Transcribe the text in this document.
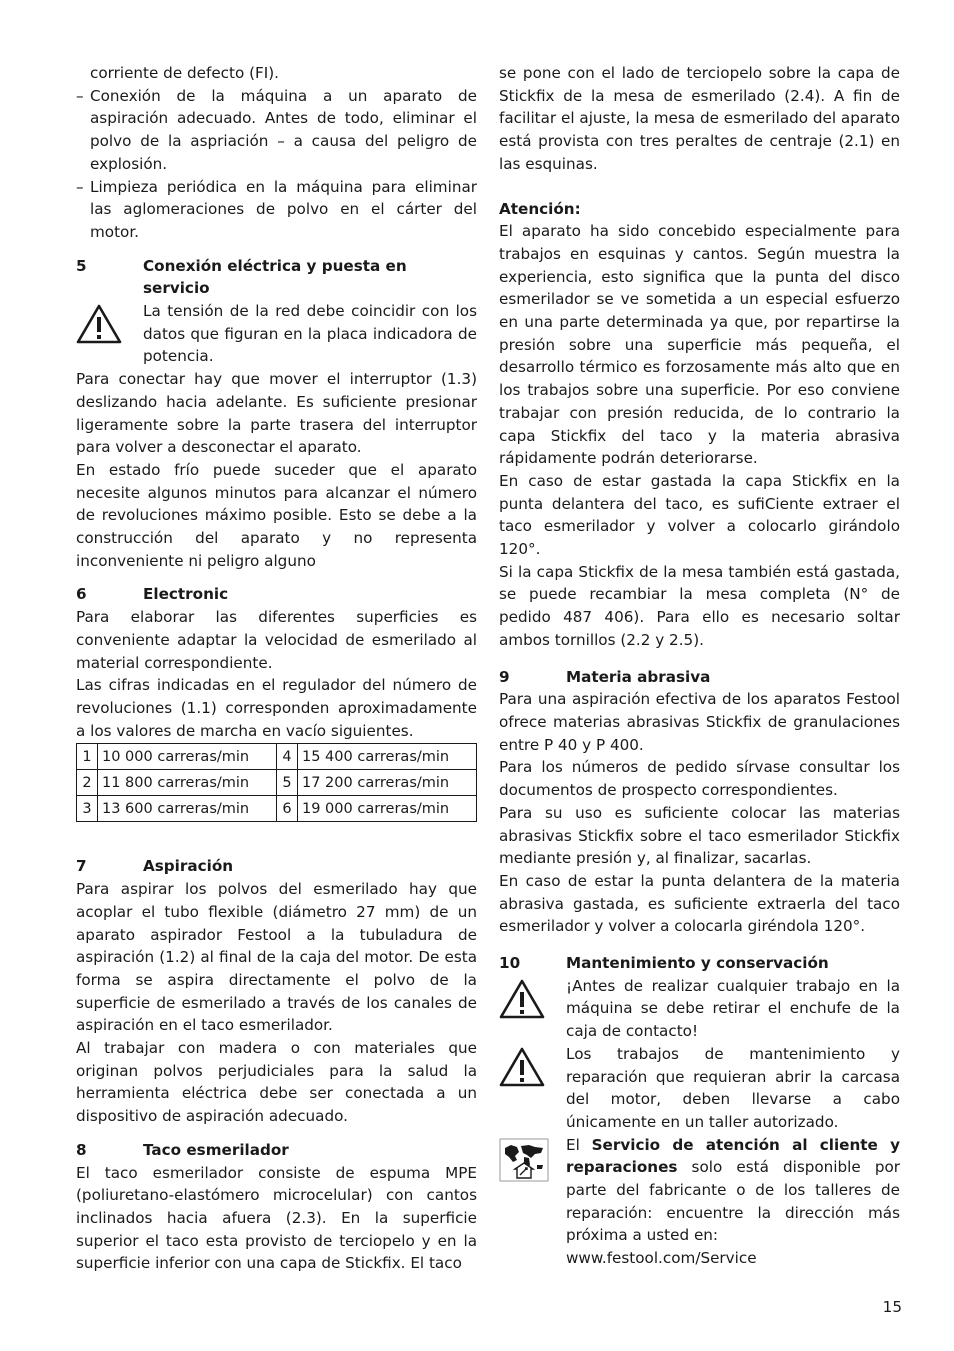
corriente de defecto (FI).

– Conexión de la máquina a un aparato de aspiración adecuado. Antes de todo, eliminar el polvo de la aspriación – a causa del peligro de explosión.

– Limpieza periódica en la máquina para eliminar las aglomeraciones de polvo en el cárter del motor.

5	Conexión eléctrica y puesta en servicio

La tensión de la red debe coincidir con los datos que figuran en la placa indicadora de potencia.

Para conectar hay que mover el interruptor (1.3) deslizando hacia adelante. Es suficiente presionar ligeramente sobre la parte trasera del interruptor para volver a desconectar el aparato.

En estado frío puede suceder que el aparato necesite algunos minutos para alcanzar el número de revoluciones máximo posible. Esto se debe a la construcción del aparato y no representa inconveniente ni peligro alguno

6	Electronic

Para elaborar las diferentes superficies es conveniente adaptar la velocidad de esmerilado al material correspondiente.

Las cifras indicadas en el regulador del número de revoluciones (1.1) corresponden aproximadamente a los valores de marcha en vacío siguientes.

1	10 000 carreras/min	4	15 400 carreras/min
2	11 800 carreras/min	5	17 200 carreras/min
3	13 600 carreras/min	6	19 000 carreras/min
7	Aspiración

Para aspirar los polvos del esmerilado hay que acoplar el tubo flexible (diámetro 27 mm) de un aparato aspirador Festool a la tubuladura de aspiración (1.2) al final de la caja del motor. De esta forma se aspira directamente el polvo de la superficie de esmerilado a través de los canales de aspiración en el taco esmerilador.

Al trabajar con madera o con materiales que originan polvos perjudiciales para la salud la herramienta eléctrica debe ser conectada a un dispositivo de aspiración adecuado.

8	Taco esmerilador

El taco esmerilador consiste de espuma MPE (poliuretano-elastómero microcelular) con cantos inclinados hacia afuera (2.3). En la superficie superior el taco esta provisto de terciopelo y en la superficie inferior con una capa de Stickfix. El taco

se pone con el lado de terciopelo sobre la capa de Stickfix de la mesa de esmerilado (2.4). A fin de facilitar el ajuste, la mesa de esmerilado del aparato está provista con tres peraltes de centraje (2.1) en las esquinas.

Atención:

El aparato ha sido concebido especialmente para trabajos en esquinas y cantos. Según muestra la experiencia, esto significa que la punta del disco esmerilador se ve sometida a un especial esfuerzo en una parte determinada ya que, por repartirse la presión sobre una superficie más pequeña, el desarrollo térmico es forzosamente más alto que en los trabajos sobre una superficie. Por eso conviene trabajar con presión reducida, de lo contrario la capa Stickfix del taco y la materia abrasiva rápidamente podrán deteriorarse.

En caso de estar gastada la capa Stickfix en la punta delantera del taco, es sufiCiente extraer el taco esmerilador y volver a colocarlo girándolo 120°.

Si la capa Stickfix de la mesa también está gastada, se puede recambiar la mesa completa (N° de pedido 487 406). Para ello es necesario soltar ambos tornillos (2.2 y 2.5).

9	Materia abrasiva

Para una aspiración efectiva de los aparatos Festool ofrece materias abrasivas Stickfix de granulaciones entre P 40 y P 400.

Para los números de pedido sírvase consultar los documentos de prospecto correspondientes.

Para su uso es suficiente colocar las materias abrasivas Stickfix sobre el taco esmerilador Stickfix mediante presión y, al finalizar, sacarlas.

En caso de estar la punta delantera de la materia abrasiva gastada, es suficiente extraerla del taco esmerilador y volver a colocarla giréndola 120°.

10	Mantenimiento y conservación

¡Antes de realizar cualquier trabajo en la máquina se debe retirar el enchufe de la caja de contacto!

Los trabajos de mantenimiento y reparación que requieran abrir la carcasa del motor, deben llevarse a cabo únicamente en un taller autorizado.

El Servicio de atención al cliente y reparaciones solo está disponible por parte del fabricante o de los talleres de reparación: encuentre la dirección más próxima a usted en:
www.festool.com/Service

15
